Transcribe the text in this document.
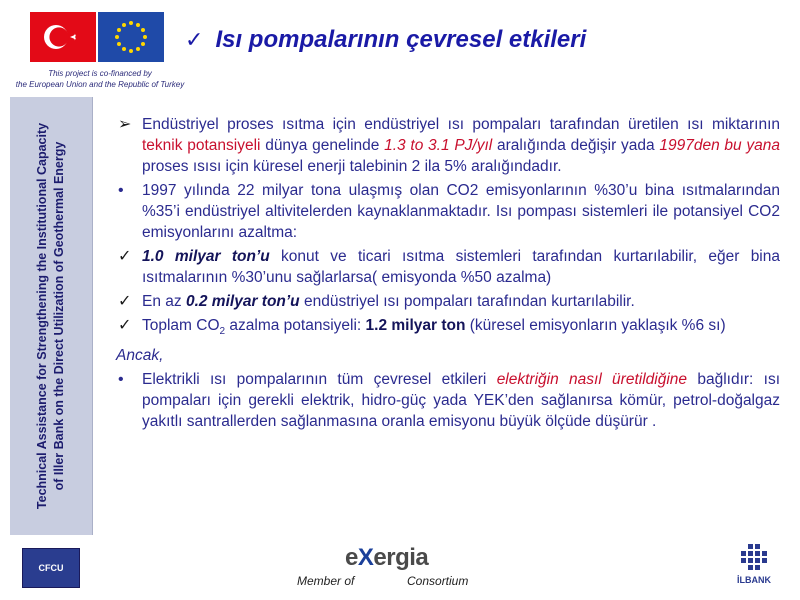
This project is co-financed by
the European Union and the Republic of Turkey
✓ Isı pompalarının çevresel etkileri
Technical Assistance for Strengthening the Institutional Capacity of Iller Bank on the Direct Utilization of Geothermal Energy
➢ Endüstriyel proses ısıtma için endüstriyel ısı pompaları tarafından üretilen ısı miktarının teknik potansiyeli dünya genelinde 1.3 to 3.1 PJ/yıl aralığında değişir yada 1997den bu yana proses ısısı için küresel enerji talebinin 2 ila 5% aralığındadır.
• 1997 yılında 22 milyar tona ulaşmış olan CO2 emisyonlarının %30’u bina ısıtmalarından %35’i endüstriyel altivitelerden kaynaklanmaktadır. Isı pompası sistemleri ile potansiyel CO2 emisyonlarını azaltma:
✓ 1.0 milyar ton’u konut ve ticari ısıtma sistemleri tarafından kurtarılabilir, eğer bina ısıtmalarının %30’unu sağlarlarsa( emisyonda %50 azalma)
✓ En az 0.2 milyar ton’u endüstriyel ısı pompaları tarafından kurtarılabilir.
✓ Toplam $CO_2$ azalma potansiyeli: 1.2 milyar ton (küresel emisyonların yaklaşık %6 sı)
Ancak,
• Elektrikli ısı pompalarının tüm çevresel etkileri elektriğin nasıl üretildiğine bağlıdır: ısı pompaları için gerekli elektrik, hidro-güç yada YEK’den sağlanırsa kömür, petrol-doğalgaz yakıtlı santrallerden sağlanmasına oranla emisyonu büyük ölçüde düşürür .
CFCU	eXergia
Member of	Consortium	İLBANK
